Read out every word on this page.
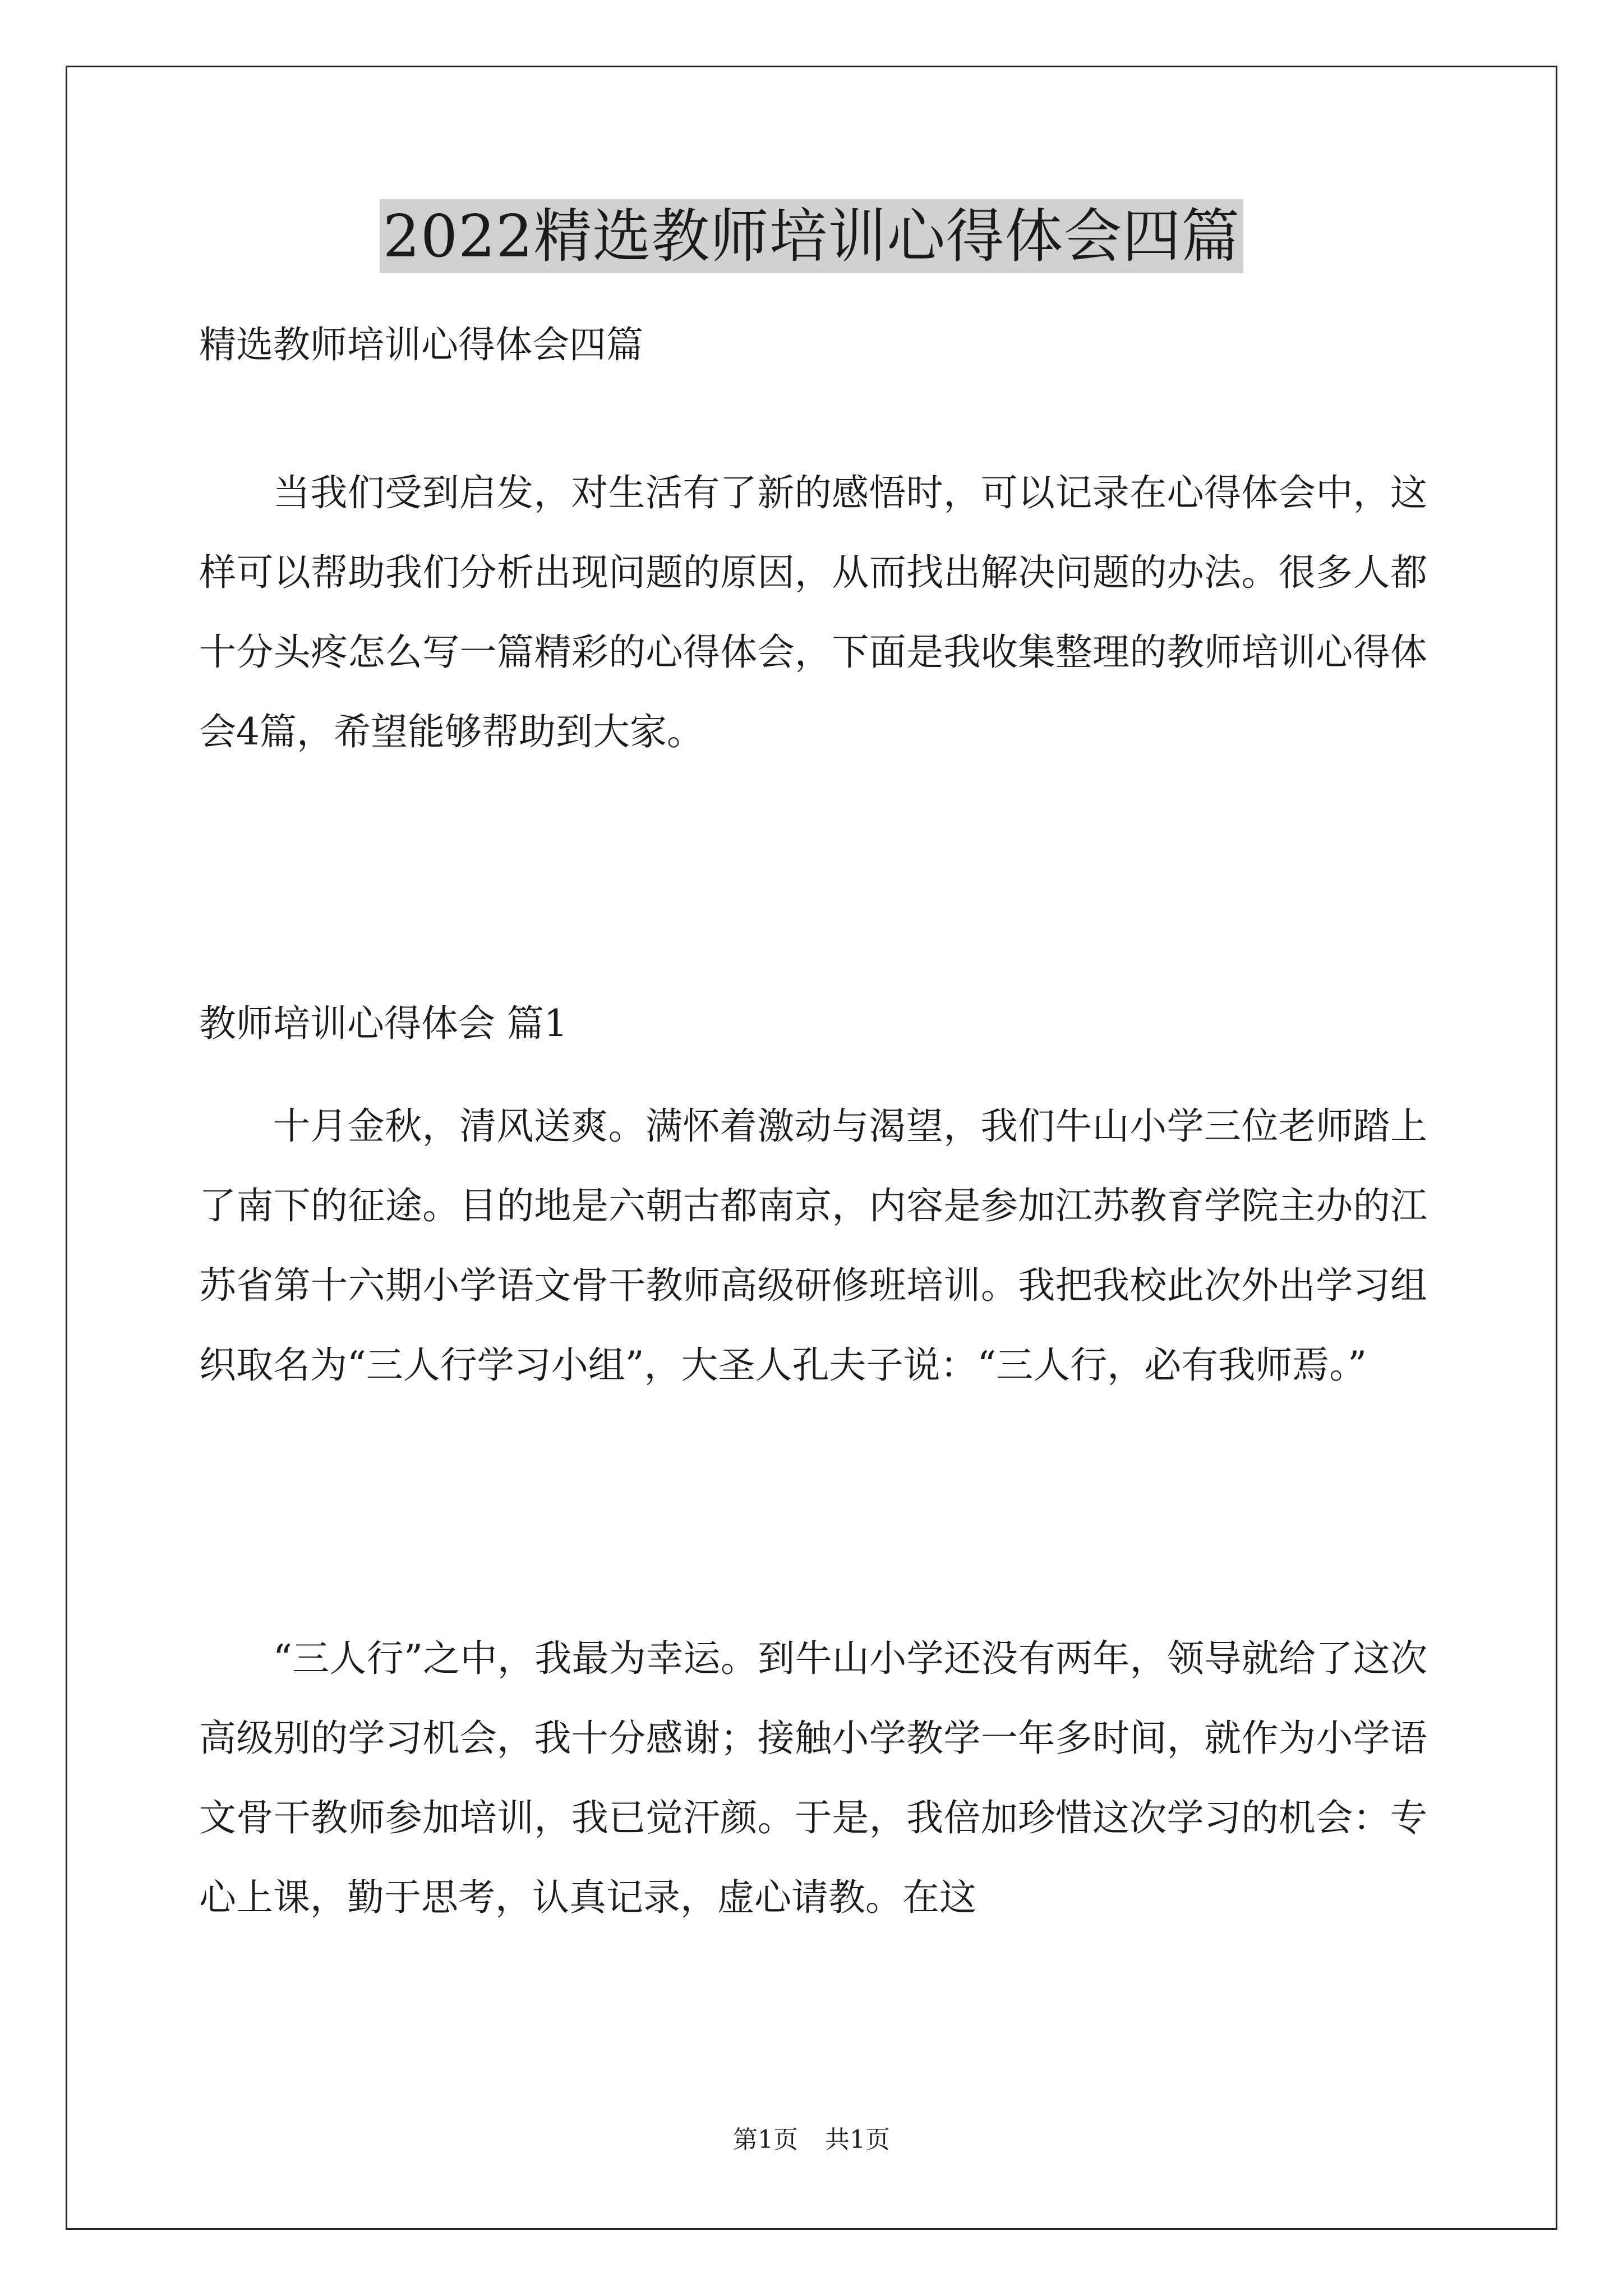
2022精选教师培训心得体会四篇
精选教师培训心得体会四篇
当我们受到启发，对生活有了新的感悟时，可以记录在心得体会中，这样可以帮助我们分析出现问题的原因，从而找出解决问题的办法。很多人都十分头疼怎么写一篇精彩的心得体会，下面是我收集整理的教师培训心得体会4篇，希望能够帮助到大家。
教师培训心得体会 篇1
十月金秋，清风送爽。满怀着激动与渴望，我们牛山小学三位老师踏上了南下的征途。目的地是六朝古都南京，内容是参加江苏教育学院主办的江苏省第十六期小学语文骨干教师高级研修班培训。我把我校此次外出学习组织取名为“三人行学习小组”，大圣人孔夫子说：“三人行，必有我师焉。”
“三人行”之中，我最为幸运。到牛山小学还没有两年，领导就给了这次高级别的学习机会，我十分感谢；接触小学教学一年多时间，就作为小学语文骨干教师参加培训，我已觉汗颜。于是，我倍加珍惜这次学习的机会：专心上课，勤于思考，认真记录，虚心请教。在这
第1页 共1页
